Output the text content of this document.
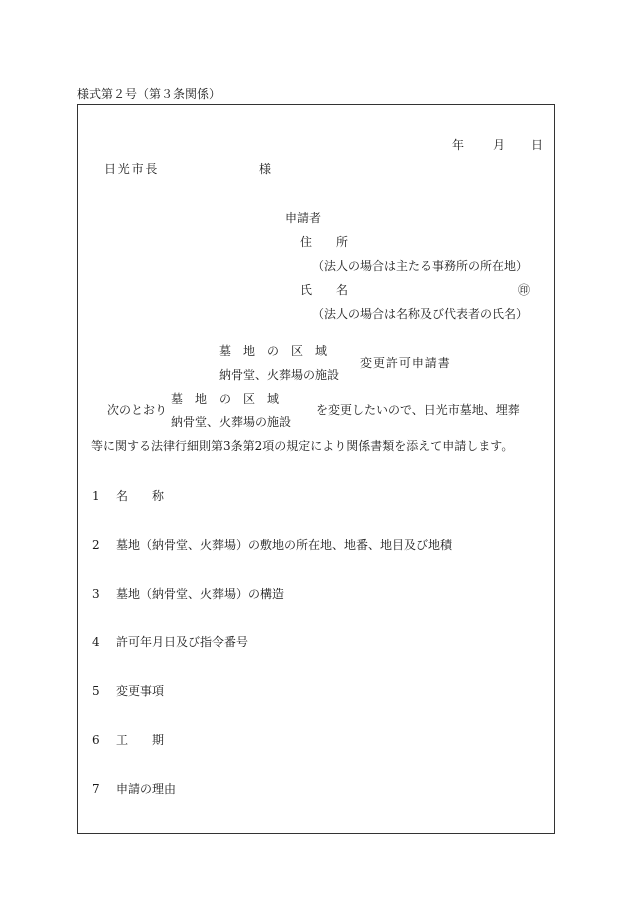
様式第２号（第３条関係）
年 月 日
日光市長	様
申請者
住　　所
（法人の場合は主たる事務所の所在地）
氏　　名	㊞
（法人の場合は名称及び代表者の氏名）
墓　地　の　区　域
納骨堂、火葬場の施設
変更許可申請書
次のとおり
墓　地　の　区　域
納骨堂、火葬場の施設
を変更したいので、日光市墓地、埋葬
等に関する法律行細則第3条第2項の規定により関係書類を添えて申請します。
1 名　　称
2 墓地（納骨堂、火葬場）の敷地の所在地、地番、地目及び地積
3 墓地（納骨堂、火葬場）の構造
4 許可年月日及び指令番号
5 変更事項
6 工　　期
7 申請の理由
